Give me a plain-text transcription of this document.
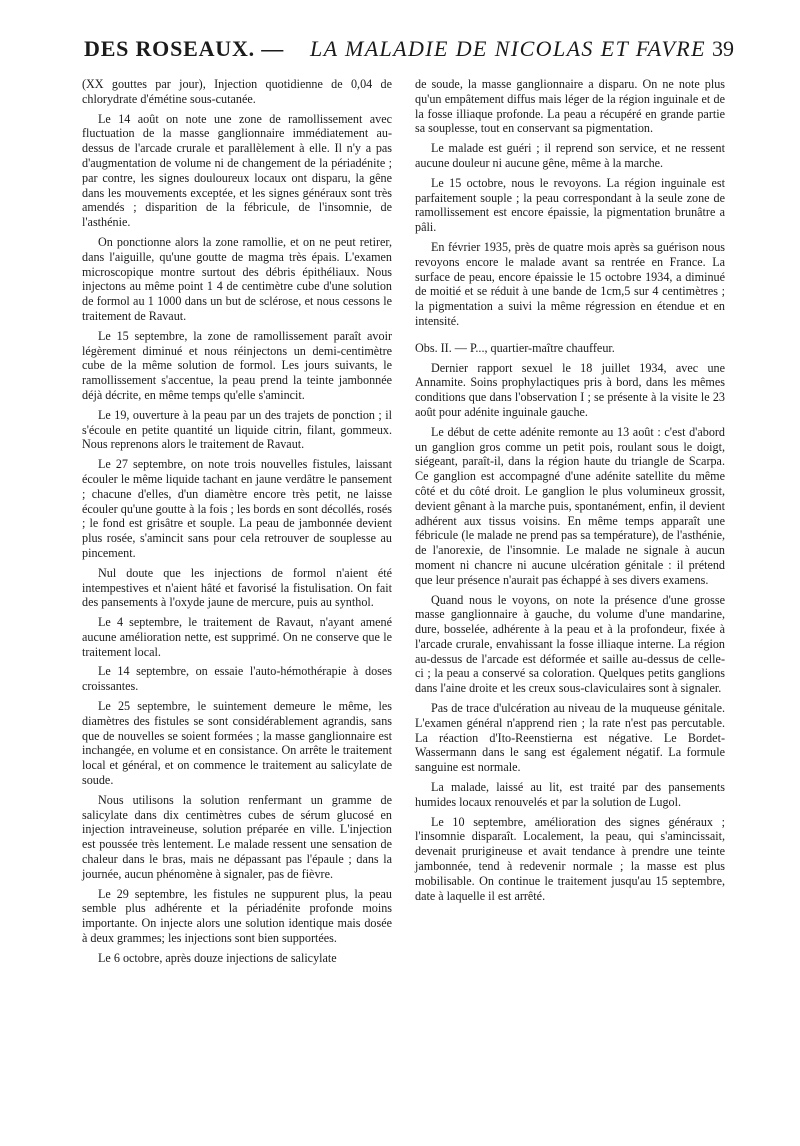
DES ROSEAUX. — LA MALADIE DE NICOLAS ET FAVRE 39

(XX gouttes par jour), Injection quotidienne de 0,04 de chlorydrate d'émétine sous-cutanée.

Le 14 août on note une zone de ramollissement avec fluctuation de la masse ganglionnaire immédiatement au-dessus de l'arcade crurale et parallèlement à elle. Il n'y a pas d'augmentation de volume ni de changement de la périadénite ; par contre, les signes douloureux locaux ont disparu, la gêne dans les mouvements exceptée, et les signes généraux sont très amendés ; disparition de la fébricule, de l'insomnie, de l'asthénie.

On ponctionne alors la zone ramollie, et on ne peut retirer, dans l'aiguille, qu'une goutte de magma très épais. L'examen microscopique montre surtout des débris épithéliaux. Nous injectons au même point 1 4 de centimètre cube d'une solution de formol au 1 1000 dans un but de sclérose, et nous cessons le traitement de Ravaut.

Le 15 septembre, la zone de ramollissement paraît avoir légèrement diminué et nous réinjectons un demi-centimètre cube de la même solution de formol. Les jours suivants, le ramollissement s'accentue, la peau prend la teinte jambonnée déjà décrite, en même temps qu'elle s'amincit.

Le 19, ouverture à la peau par un des trajets de ponction ; il s'écoule en petite quantité un liquide citrin, filant, gommeux. Nous reprenons alors le traitement de Ravaut.

Le 27 septembre, on note trois nouvelles fistules, laissant écouler le même liquide tachant en jaune verdâtre le pansement ; chacune d'elles, d'un diamètre encore très petit, ne laisse écouler qu'une goutte à la fois ; les bords en sont décollés, rosés ; le fond est grisâtre et souple. La peau de jambonnée devient plus rosée, s'amincit sans pour cela retrouver de souplesse au pincement.

Nul doute que les injections de formol n'aient été intempestives et n'aient hâté et favorisé la fistulisation. On fait des pansements à l'oxyde jaune de mercure, puis au synthol.

Le 4 septembre, le traitement de Ravaut, n'ayant amené aucune amélioration nette, est supprimé. On ne conserve que le traitement local.

Le 14 septembre, on essaie l'auto-hémothérapie à doses croissantes.

Le 25 septembre, le suintement demeure le même, les diamètres des fistules se sont considérablement agrandis, sans que de nouvelles se soient formées ; la masse ganglionnaire est inchangée, en volume et en consistance. On arrête le traitement local et général, et on commence le traitement au salicylate de soude.

Nous utilisons la solution renfermant un gramme de salicylate dans dix centimètres cubes de sérum glucosé en injection intraveineuse, solution préparée en ville. L'injection est poussée très lentement. Le malade ressent une sensation de chaleur dans le bras, mais ne dépassant pas l'épaule ; dans la journée, aucun phénomène à signaler, pas de fièvre.

Le 29 septembre, les fistules ne suppurent plus, la peau semble plus adhérente et la périadénite profonde moins importante. On injecte alors une solution identique mais dosée à deux grammes; les injections sont bien supportées.

Le 6 octobre, après douze injections de salicylate

de soude, la masse ganglionnaire a disparu. On ne note plus qu'un empâtement diffus mais léger de la région inguinale et de la fosse illiaque profonde. La peau a récupéré en grande partie sa souplesse, tout en conservant sa pigmentation.

Le malade est guéri ; il reprend son service, et ne ressent aucune douleur ni aucune gêne, même à la marche.

Le 15 octobre, nous le revoyons. La région inguinale est parfaitement souple ; la peau correspondant à la seule zone de ramollissement est encore épaissie, la pigmentation brunâtre a pâli.

En février 1935, près de quatre mois après sa guérison nous revoyons encore le malade avant sa rentrée en France. La surface de peau, encore épaissie le 15 octobre 1934, a diminué de moitié et se réduit à une bande de 1cm,5 sur 4 centimètres ; la pigmentation a suivi la même régression en étendue et en intensité.

Obs. II. — P..., quartier-maître chauffeur.

Dernier rapport sexuel le 18 juillet 1934, avec une Annamite. Soins prophylactiques pris à bord, dans les mêmes conditions que dans l'observation I ; se présente à la visite le 23 août pour adénite inguinale gauche.

Le début de cette adénite remonte au 13 août : c'est d'abord un ganglion gros comme un petit pois, roulant sous le doigt, siégeant, paraît-il, dans la région haute du triangle de Scarpa. Ce ganglion est accompagné d'une adénite satellite du même côté et du côté droit. Le ganglion le plus volumineux grossit, devient gênant à la marche puis, spontanément, enfin, il devient adhérent aux tissus voisins. En même temps apparaît une fébricule (le malade ne prend pas sa température), de l'asthénie, de l'anorexie, de l'insomnie. Le malade ne signale à aucun moment ni chancre ni aucune ulcération génitale : il prétend que leur présence n'aurait pas échappé à ses divers examens.

Quand nous le voyons, on note la présence d'une grosse masse ganglionnaire à gauche, du volume d'une mandarine, dure, bosselée, adhérente à la peau et à la profondeur, fixée à l'arcade crurale, envahissant la fosse illiaque interne. La région au-dessus de l'arcade est déformée et saille au-dessus de celle-ci ; la peau a conservé sa coloration. Quelques petits ganglions dans l'aine droite et les creux sous-claviculaires sont à signaler.

Pas de trace d'ulcération au niveau de la muqueuse génitale. L'examen général n'apprend rien ; la rate n'est pas percutable. La réaction d'Ito-Reenstierna est négative. Le Bordet-Wassermann dans le sang est également négatif. La formule sanguine est normale.

La malade, laissé au lit, est traité par des pansements humides locaux renouvelés et par la solution de Lugol.

Le 10 septembre, amélioration des signes généraux ; l'insomnie disparaît. Localement, la peau, qui s'amincissait, devenait prurigineuse et avait tendance à prendre une teinte jambonnée, tend à redevenir normale ; la masse est plus mobilisable. On continue le traitement jusqu'au 15 septembre, date à laquelle il est arrêté.
